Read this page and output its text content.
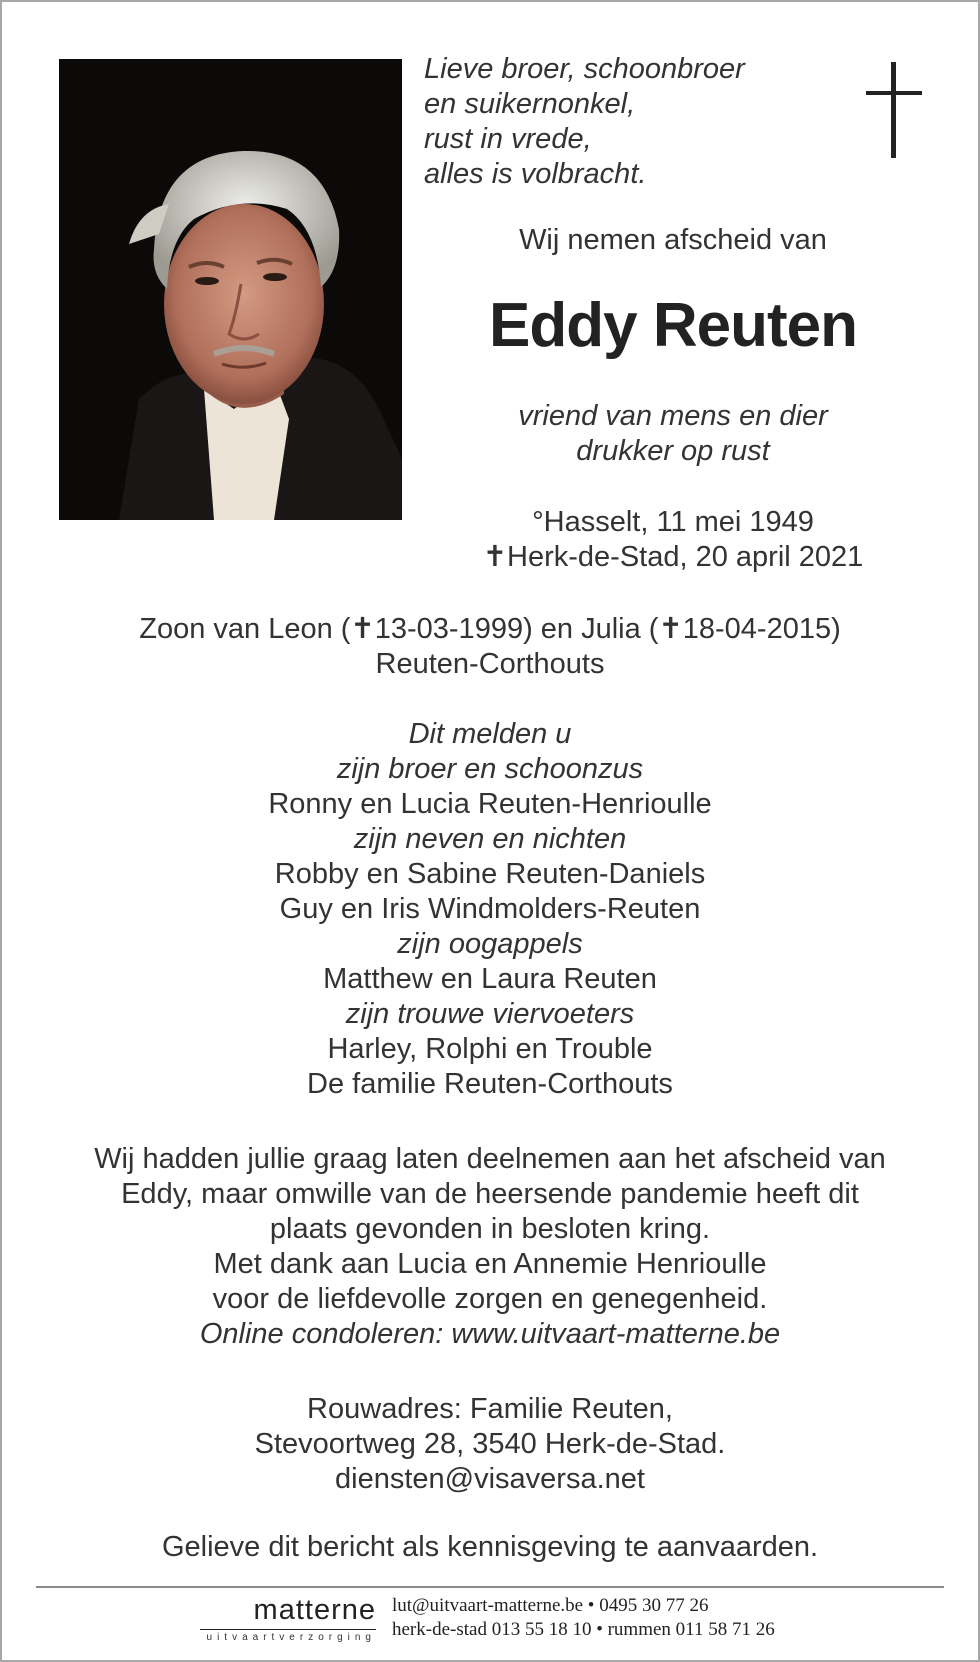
Lieve broer, schoonbroer
en suikernonkel,
rust in vrede,
alles is volbracht.
Wij nemen afscheid van
Eddy Reuten
vriend van mens en dier
drukker op rust
°Hasselt, 11 mei 1949
✝Herk-de-Stad, 20 april 2021
Zoon van Leon (✝13-03-1999) en Julia (✝18-04-2015)
Reuten-Corthouts
Dit melden u
zijn broer en schoonzus
Ronny en Lucia Reuten-Henrioulle
zijn neven en nichten
Robby en Sabine Reuten-Daniels
Guy en Iris Windmolders-Reuten
zijn oogappels
Matthew en Laura Reuten
zijn trouwe viervoeters
Harley, Rolphi en Trouble
De familie Reuten-Corthouts
Wij hadden jullie graag laten deelnemen aan het afscheid van
Eddy, maar omwille van de heersende pandemie heeft dit
plaats gevonden in besloten kring.
Met dank aan Lucia en Annemie Henrioulle
voor de liefdevolle zorgen en genegenheid.
Online condoleren: www.uitvaart-matterne.be
Rouwadres: Familie Reuten,
Stevoortweg 28, 3540 Herk-de-Stad.
diensten@visaversa.net
Gelieve dit bericht als kennisgeving te aanvaarden.
matterne
uitvaartverzorging
lut@uitvaart-matterne.be • 0495 30 77 26
herk-de-stad 013 55 18 10 • rummen 011 58 71 26
